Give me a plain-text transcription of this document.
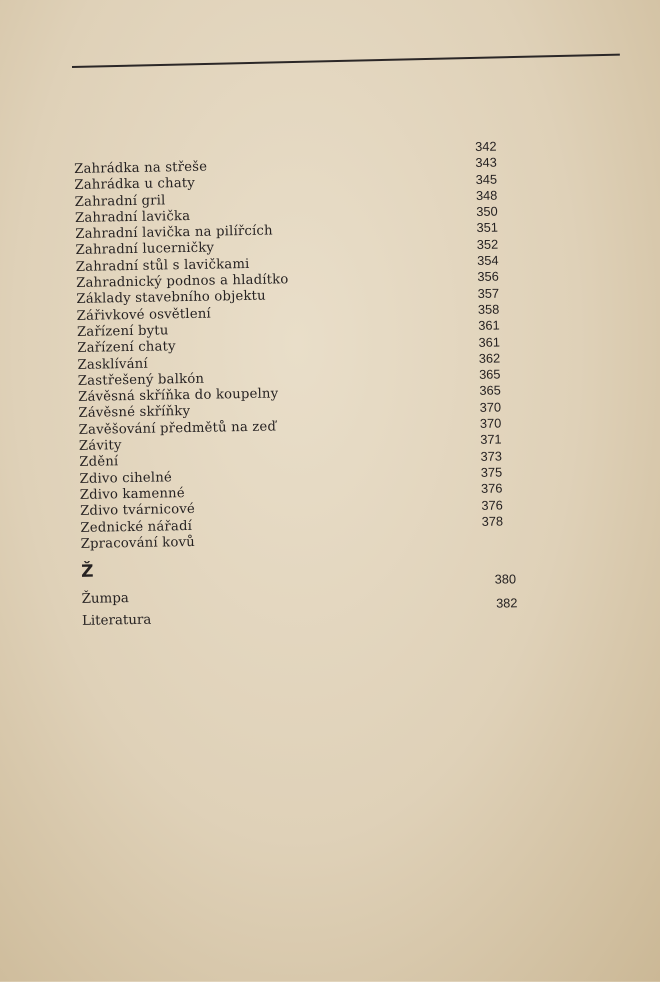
Zahrádka na střeše
Zahrádka u chaty
Zahradní gril
Zahradní lavička
Zahradní lavička na pilířcích
Zahradní lucerničky
Zahradní stůl s lavičkami
Zahradnický podnos a hladítko
Základy stavebního objektu
Zářivkové osvětlení
Zařízení bytu
Zařízení chaty
Zasklívání
Zastřešený balkón
Závěsná skříňka do koupelny
Závěsné skříňky
Zavěšování předmětů na zeď
Závity
Zdění
Zdivo cihelné
Zdivo kamenné
Zdivo tvárnicové
Zednické nářadí
Zpracování kovů
342
343
345
348
350
351
352
354
356
357
358
361
361
362
365
365
370
370
371
373
375
376
376
378
Ž
Žumpa
380
Literatura
382
